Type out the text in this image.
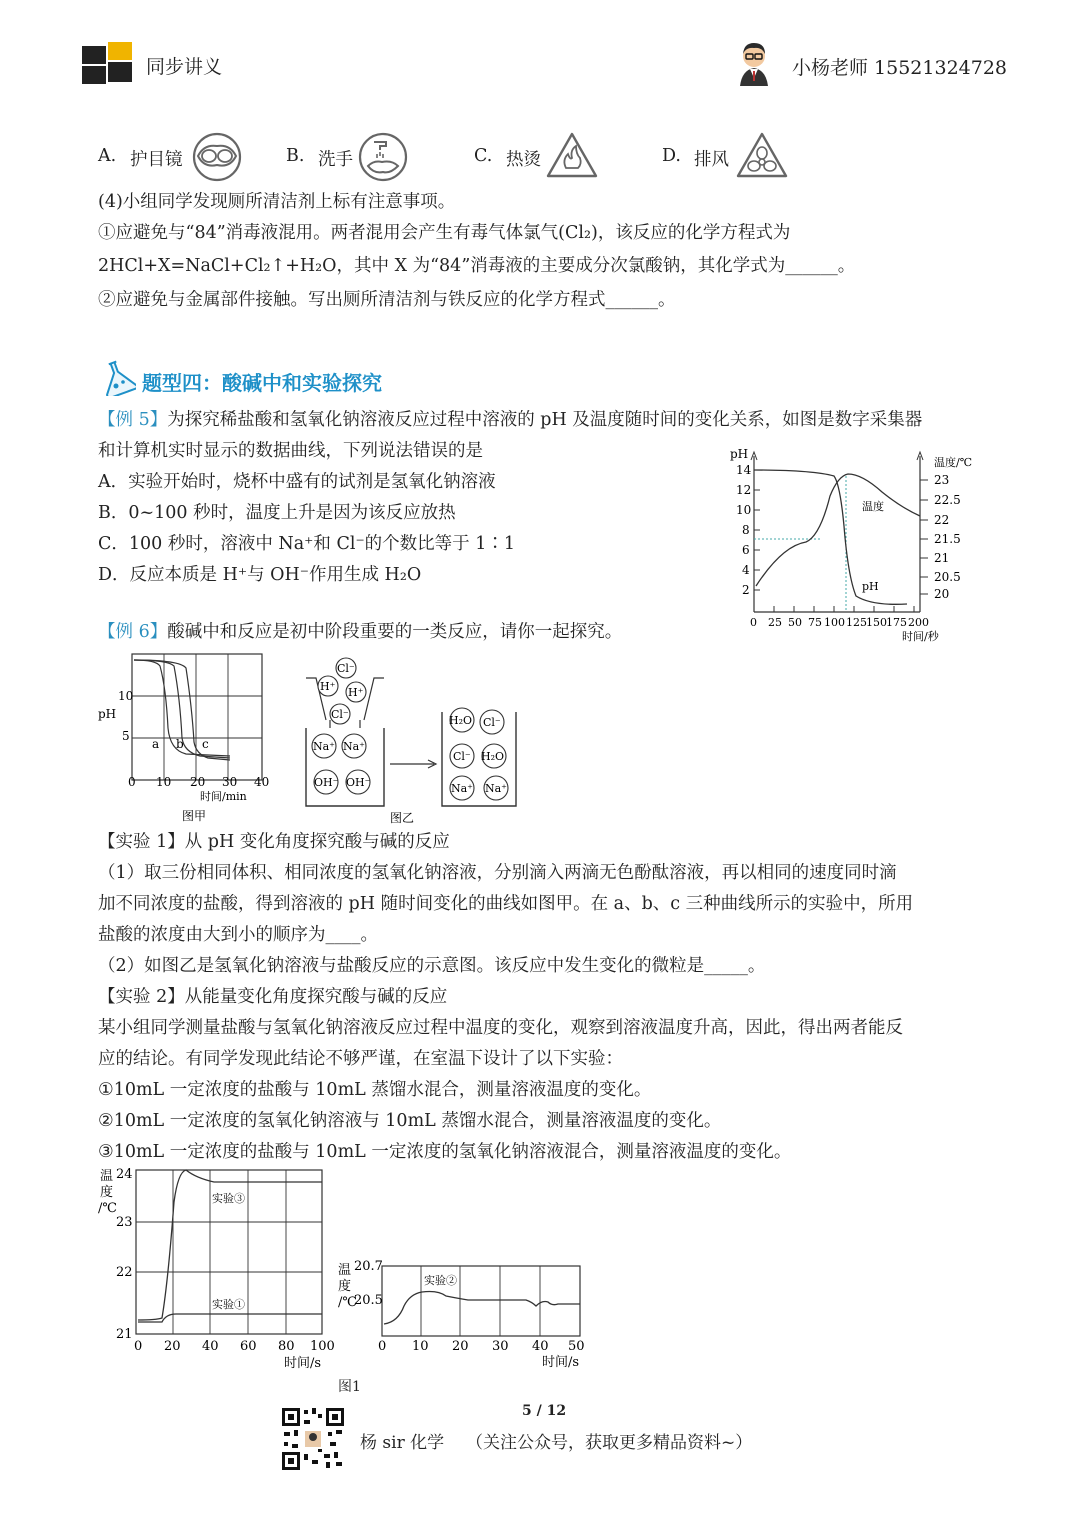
同步讲义	小杨老师 15521324728
A. 护目镜	B. 洗手	C. 热烫	D. 排风
(4)小组同学发现厕所清洁剂上标有注意事项。
①应避免与“84”消毒液混用。两者混用会产生有毒气体氯气(Cl₂)，该反应的化学方程式为
2HCl+X=NaCl+Cl₂↑+H₂O，其中 X 为“84”消毒液的主要成分次氯酸钠，其化学式为______。
②应避免与金属部件接触。写出厕所清洁剂与铁反应的化学方程式______。
题型四：酸碱中和实验探究
【例 5】为探究稀盐酸和氢氧化钠溶液反应过程中溶液的 pH 及温度随时间的变化关系，如图是数字采集器
和计算机实时显示的数据曲线，下列说法错误的是
A．实验开始时，烧杯中盛有的试剂是氢氧化钠溶液
B．0~100 秒时，温度上升是因为该反应放热
C．100 秒时，溶液中 Na⁺和 Cl⁻的个数比等于 1∶1
D．反应本质是 H⁺与 OH⁻作用生成 H₂O
pH
温度/℃
14
12
10
8
6
4
2
23
22.5
22
21.5
21
20.5
20
0 25 50 75 100 125 150 175 200
时间/秒
温度
pH
【例 6】酸碱中和反应是初中阶段重要的一类反应，请你一起探究。
a b c
pH
10
5
0 10 20 30 40
时间/min
图甲
Cl⁻
H⁺ H⁺
Cl⁻
Na⁺ Na⁺
OH⁻ OH⁻
H₂O Cl⁻
Cl⁻ H₂O
Na⁺ Na⁺
图乙
【实验 1】从 pH 变化角度探究酸与碱的反应
（1）取三份相同体积、相同浓度的氢氧化钠溶液，分别滴入两滴无色酚酞溶液，再以相同的速度同时滴
加不同浓度的盐酸，得到溶液的 pH 随时间变化的曲线如图甲。在 a、b、c 三种曲线所示的实验中，所用
盐酸的浓度由大到小的顺序为____。
（2）如图乙是氢氧化钠溶液与盐酸反应的示意图。该反应中发生变化的微粒是_____。
【实验 2】从能量变化角度探究酸与碱的反应
某小组同学测量盐酸与氢氧化钠溶液反应过程中温度的变化，观察到溶液温度升高，因此，得出两者能反
应的结论。有同学发现此结论不够严谨，在室温下设计了以下实验：
①10mL 一定浓度的盐酸与 10mL 蒸馏水混合，测量溶液温度的变化。
②10mL 一定浓度的氢氧化钠溶液与 10mL 蒸馏水混合，测量溶液温度的变化。
③10mL 一定浓度的盐酸与 10mL 一定浓度的氢氧化钠溶液混合，测量溶液温度的变化。
实验③
实验①
温
度
/℃
24
23
22
21
0 20 40 60 80 100
时间/s
实验②
温
度
/℃
20.7
20.5
0 10 20 30 40 50
时间/s
图1
5 / 12
杨 sir 化学 （关注公众号，获取更多精品资料~）
